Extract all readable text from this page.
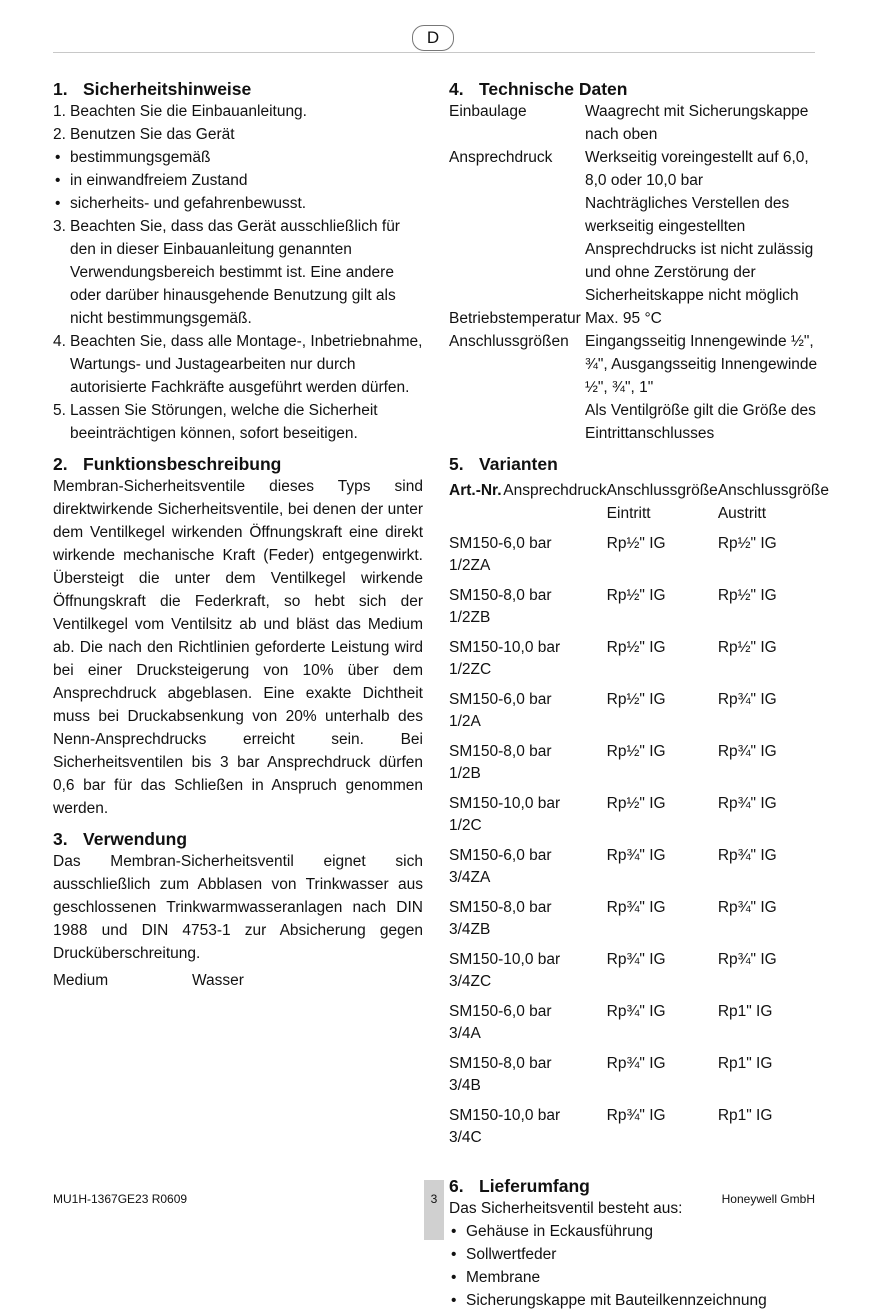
D
1. Sicherheitshinweise
1. Beachten Sie die Einbauanleitung.
2. Benutzen Sie das Gerät
• bestimmungsgemäß
• in einwandfreiem Zustand
• sicherheits- und gefahrenbewusst.
3. Beachten Sie, dass das Gerät ausschließlich für den in dieser Einbauanleitung genannten Verwendungsbereich bestimmt ist. Eine andere oder darüber hinausgehende Benutzung gilt als nicht bestimmungsgemäß.
4. Beachten Sie, dass alle Montage-, Inbetriebnahme, Wartungs- und Justagearbeiten nur durch autorisierte Fachkräfte ausgeführt werden dürfen.
5. Lassen Sie Störungen, welche die Sicherheit beeinträchtigen können, sofort beseitigen.
2. Funktionsbeschreibung

Membran-Sicherheitsventile dieses Typs sind direktwirkende Sicherheitsventile, bei denen der unter dem Ventilkegel wirkenden Öffnungskraft eine direkt wirkende mechanische Kraft (Feder) entgegenwirkt. Übersteigt die unter dem Ventilkegel wirkende Öffnungskraft die Federkraft, so hebt sich der Ventilkegel vom Ventilsitz ab und bläst das Medium ab. Die nach den Richtlinien geforderte Leistung wird bei einer Drucksteigerung von 10% über dem Ansprechdruck abgeblasen. Eine exakte Dichtheit muss bei Druckabsenkung von 20% unterhalb des Nenn-Ansprechdrucks erreicht sein. Bei Sicherheitsventilen bis 3 bar Ansprechdruck dürfen 0,6 bar für das Schließen in Anspruch genommen werden.

3. Verwendung

Das Membran-Sicherheitsventil eignet sich ausschließlich zum Abblasen von Trinkwasser aus geschlossenen Trinkwarmwasseranlagen nach DIN 1988 und DIN 4753-1 zur Absicherung gegen Drucküberschreitung.

Medium	Wasser
4. Technische Daten
Einbaulage	Waagrecht mit Sicherungskappe nach oben
Ansprechdruck	Werkseitig voreingestellt auf 6,0, 8,0 oder 10,0 bar
Nachträgliches Verstellen des werkseitig eingestellten Ansprechdrucks ist nicht zulässig und ohne Zerstörung der Sicherheitskappe nicht möglich
Betriebstemperatur Max. 95 °C
Anschlussgrößen	Eingangsseitig Innengewinde ½", ¾", Ausgangsseitig Innengewinde ½", ¾", 1"
Als Ventilgröße gilt die Größe des Eintrittanschlusses
5. Varianten
Art.-Nr.	Ansprechdruck	Anschlussgröße Eintritt	Anschlussgröße Austritt
SM150- 1/2ZA	6,0 bar	Rp½" IG	Rp½" IG
SM150- 1/2ZB	8,0 bar	Rp½" IG	Rp½" IG
SM150- 1/2ZC	10,0 bar	Rp½" IG	Rp½" IG
SM150- 1/2A	6,0 bar	Rp½" IG	Rp¾" IG
SM150- 1/2B	8,0 bar	Rp½" IG	Rp¾" IG
SM150- 1/2C	10,0 bar	Rp½" IG	Rp¾" IG
SM150- 3/4ZA	6,0 bar	Rp¾" IG	Rp¾" IG
SM150- 3/4ZB	8,0 bar	Rp¾" IG	Rp¾" IG
SM150- 3/4ZC	10,0 bar	Rp¾" IG	Rp¾" IG
SM150- 3/4A	6,0 bar	Rp¾" IG	Rp1" IG
SM150- 3/4B	8,0 bar	Rp¾" IG	Rp1" IG
SM150- 3/4C	10,0 bar	Rp¾" IG	Rp1" IG
6. Lieferumfang

Das Sicherheitsventil besteht aus:

• Gehäuse in Eckausführung
• Sollwertfeder
• Membrane
• Sicherungskappe mit Bauteilkennzeichnung
MU1H-1367GE23 R0609	3	Honeywell GmbH
